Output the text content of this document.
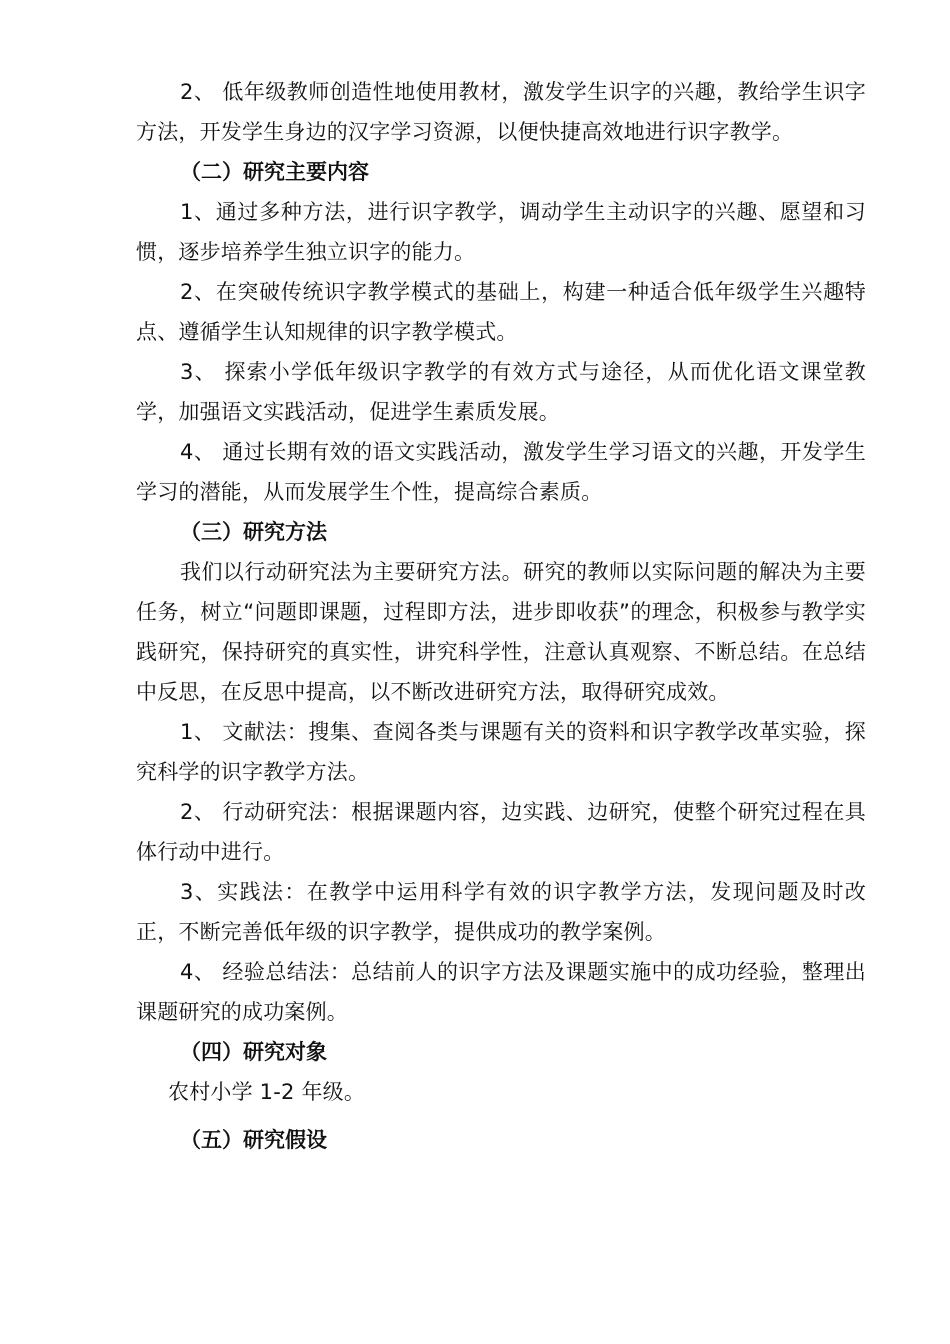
2、 低年级教师创造性地使用教材，激发学生识字的兴趣，教给学生识字方法，开发学生身边的汉字学习资源，以便快捷高效地进行识字教学。

（二）研究主要内容

1、通过多种方法，进行识字教学，调动学生主动识字的兴趣、愿望和习惯，逐步培养学生独立识字的能力。

2、在突破传统识字教学模式的基础上，构建一种适合低年级学生兴趣特点、遵循学生认知规律的识字教学模式。

3、 探索小学低年级识字教学的有效方式与途径，从而优化语文课堂教学，加强语文实践活动，促进学生素质发展。

4、 通过长期有效的语文实践活动，激发学生学习语文的兴趣，开发学生学习的潜能，从而发展学生个性，提高综合素质。

（三）研究方法

我们以行动研究法为主要研究方法。研究的教师以实际问题的解决为主要任务，树立“问题即课题，过程即方法，进步即收获”的理念，积极参与教学实践研究，保持研究的真实性，讲究科学性，注意认真观察、不断总结。在总结中反思，在反思中提高，以不断改进研究方法，取得研究成效。

1、 文献法：搜集、查阅各类与课题有关的资料和识字教学改革实验，探究科学的识字教学方法。

2、 行动研究法：根据课题内容，边实践、边研究，使整个研究过程在具体行动中进行。

3、实践法：在教学中运用科学有效的识字教学方法，发现问题及时改正，不断完善低年级的识字教学，提供成功的教学案例。

4、 经验总结法：总结前人的识字方法及课题实施中的成功经验，整理出课题研究的成功案例。

（四）研究对象

农村小学 1-2 年级。

（五）研究假设
